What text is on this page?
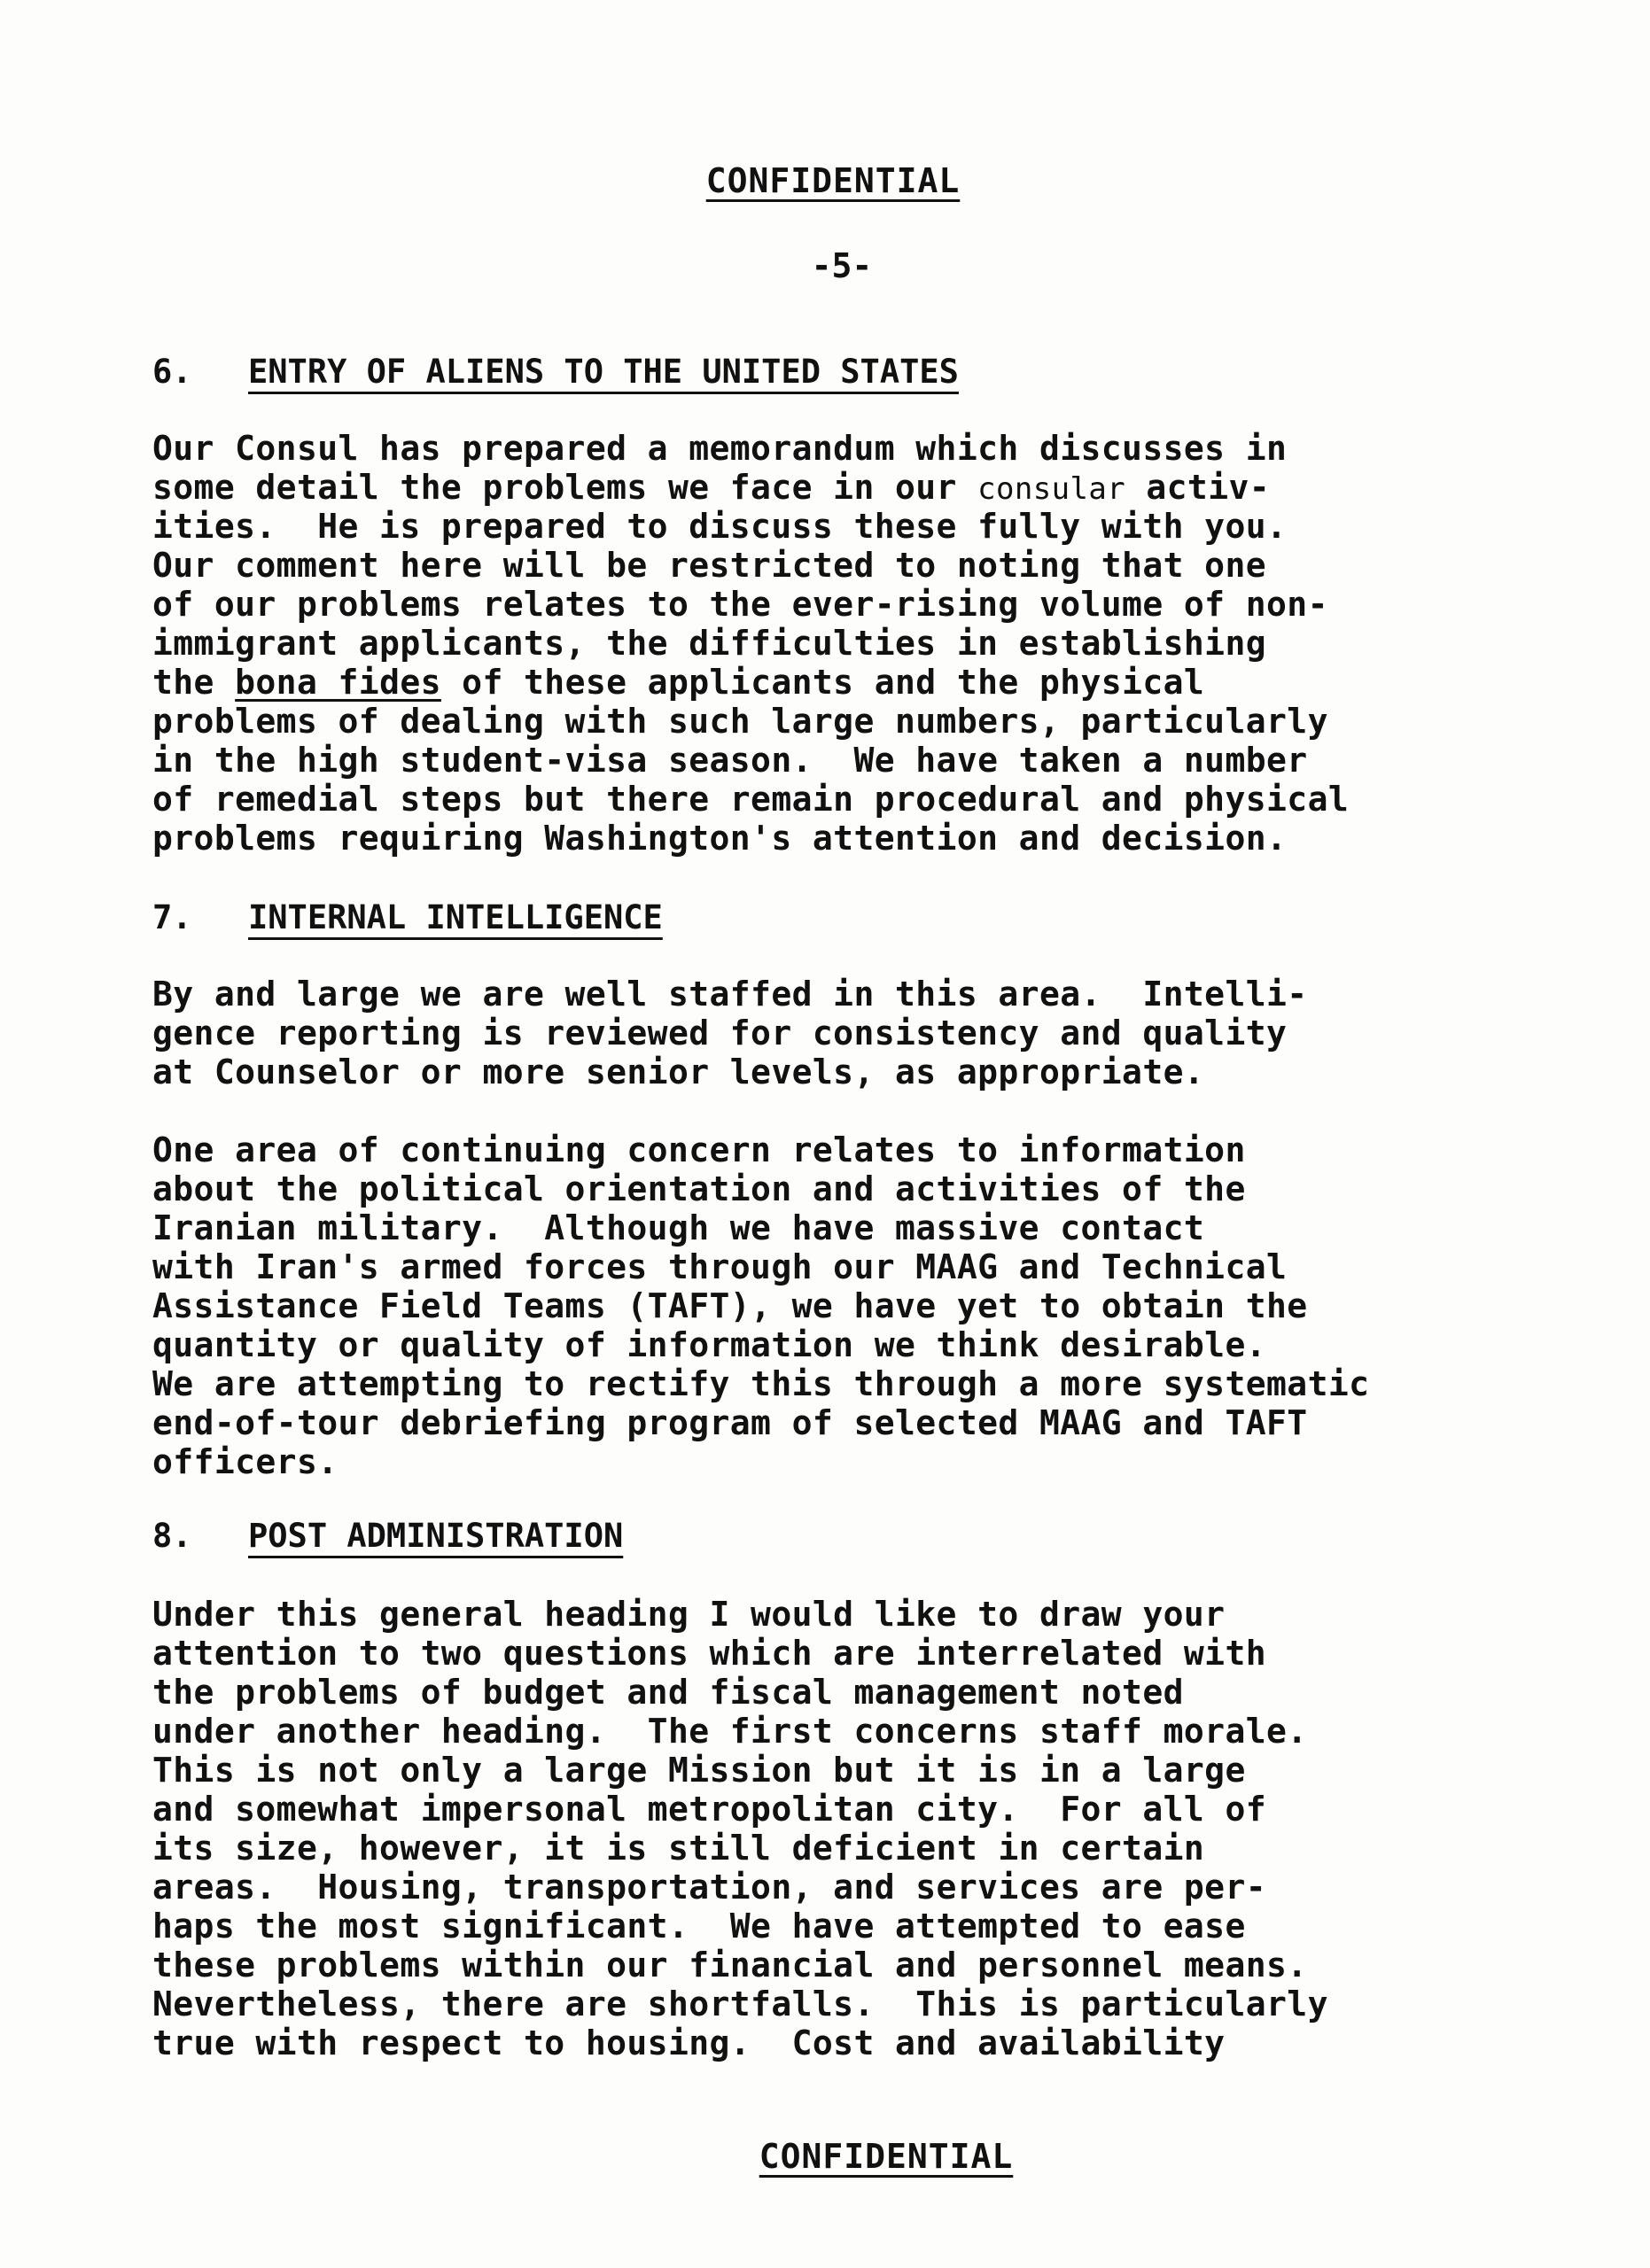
CONFIDENTIAL
-5-
6. ENTRY OF ALIENS TO THE UNITED STATES
Our Consul has prepared a memorandum which discusses in
some detail the problems we face in our consular activ-
ities.  He is prepared to discuss these fully with you.
Our comment here will be restricted to noting that one
of our problems relates to the ever-rising volume of non-
immigrant applicants, the difficulties in establishing
the bona fides of these applicants and the physical
problems of dealing with such large numbers, particularly
in the high student-visa season.  We have taken a number
of remedial steps but there remain procedural and physical
problems requiring Washington's attention and decision.
7. INTERNAL INTELLIGENCE
By and large we are well staffed in this area.  Intelli-
gence reporting is reviewed for consistency and quality
at Counselor or more senior levels, as appropriate.
One area of continuing concern relates to information
about the political orientation and activities of the
Iranian military.  Although we have massive contact
with Iran's armed forces through our MAAG and Technical
Assistance Field Teams (TAFT), we have yet to obtain the
quantity or quality of information we think desirable.
We are attempting to rectify this through a more systematic
end-of-tour debriefing program of selected MAAG and TAFT
officers.
8. POST ADMINISTRATION
Under this general heading I would like to draw your
attention to two questions which are interrelated with
the problems of budget and fiscal management noted
under another heading.  The first concerns staff morale.
This is not only a large Mission but it is in a large
and somewhat impersonal metropolitan city.  For all of
its size, however, it is still deficient in certain
areas.  Housing, transportation, and services are per-
haps the most significant.  We have attempted to ease
these problems within our financial and personnel means.
Nevertheless, there are shortfalls.  This is particularly
true with respect to housing.  Cost and availability
CONFIDENTIAL
